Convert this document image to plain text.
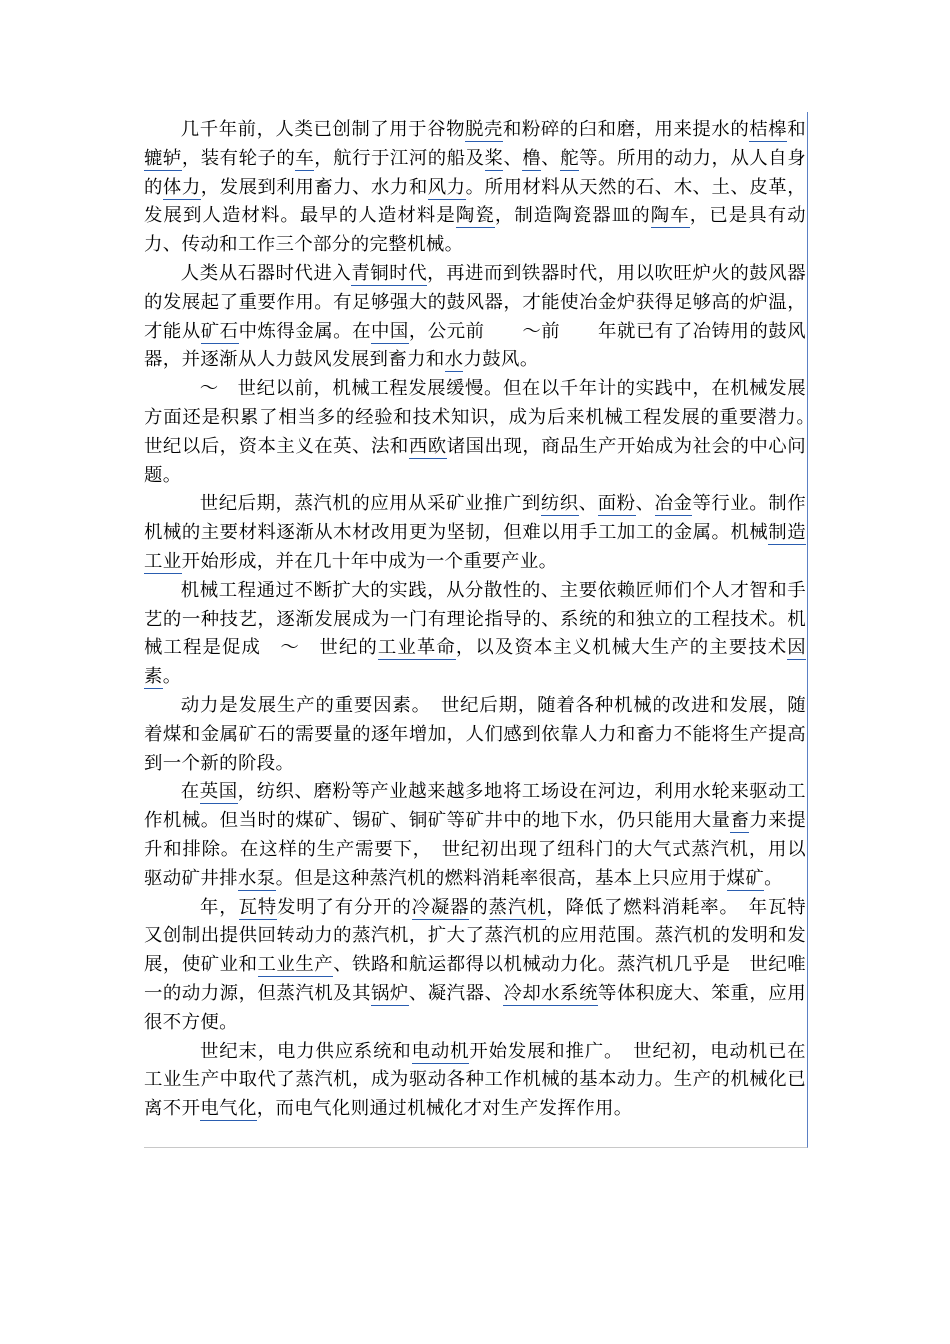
几千年前，人类已创制了用于谷物脱壳和粉碎的臼和磨，用来提水的桔槔和辘轳，装有轮子的车，航行于江河的船及桨、橹、舵等。所用的动力，从人自身的体力，发展到利用畜力、水力和风力。所用材料从天然的石、木、土、皮革，发展到人造材料。最早的人造材料是陶瓷，制造陶瓷器皿的陶车，已是具有动力、传动和工作三个部分的完整机械。

人类从石器时代进入青铜时代，再进而到铁器时代，用以吹旺炉火的鼓风器的发展起了重要作用。有足够强大的鼓风器，才能使冶金炉获得足够高的炉温，才能从矿石中炼得金属。在中国，公元前　　～前　　年就已有了冶铸用的鼓风器，并逐渐从人力鼓风发展到畜力和水力鼓风。

　～　世纪以前，机械工程发展缓慢。但在以千年计的实践中，在机械发展方面还是积累了相当多的经验和技术知识，成为后来机械工程发展的重要潜力。　世纪以后，资本主义在英、法和西欧诸国出现，商品生产开始成为社会的中心问题。

　世纪后期，蒸汽机的应用从采矿业推广到纺织、面粉、冶金等行业。制作机械的主要材料逐渐从木材改用更为坚韧，但难以用手工加工的金属。机械制造工业开始形成，并在几十年中成为一个重要产业。

机械工程通过不断扩大的实践，从分散性的、主要依赖匠师们个人才智和手艺的一种技艺，逐渐发展成为一门有理论指导的、系统的和独立的工程技术。机械工程是促成　～　世纪的工业革命，以及资本主义机械大生产的主要技术因素。

动力是发展生产的重要因素。　世纪后期，随着各种机械的改进和发展，随着煤和金属矿石的需要量的逐年增加，人们感到依靠人力和畜力不能将生产提高到一个新的阶段。

在英国，纺织、磨粉等产业越来越多地将工场设在河边，利用水轮来驱动工作机械。但当时的煤矿、锡矿、铜矿等矿井中的地下水，仍只能用大量畜力来提升和排除。在这样的生产需要下，　世纪初出现了纽科门的大气式蒸汽机，用以驱动矿井排水泵。但是这种蒸汽机的燃料消耗率很高，基本上只应用于煤矿。

　年，瓦特发明了有分开的冷凝器的蒸汽机，降低了燃料消耗率。　年瓦特又创制出提供回转动力的蒸汽机，扩大了蒸汽机的应用范围。蒸汽机的发明和发展，使矿业和工业生产、铁路和航运都得以机械动力化。蒸汽机几乎是　世纪唯一的动力源，但蒸汽机及其锅炉、凝汽器、冷却水系统等体积庞大、笨重，应用很不方便。

　世纪末，电力供应系统和电动机开始发展和推广。　世纪初，电动机已在工业生产中取代了蒸汽机，成为驱动各种工作机械的基本动力。生产的机械化已离不开电气化，而电气化则通过机械化才对生产发挥作用。
